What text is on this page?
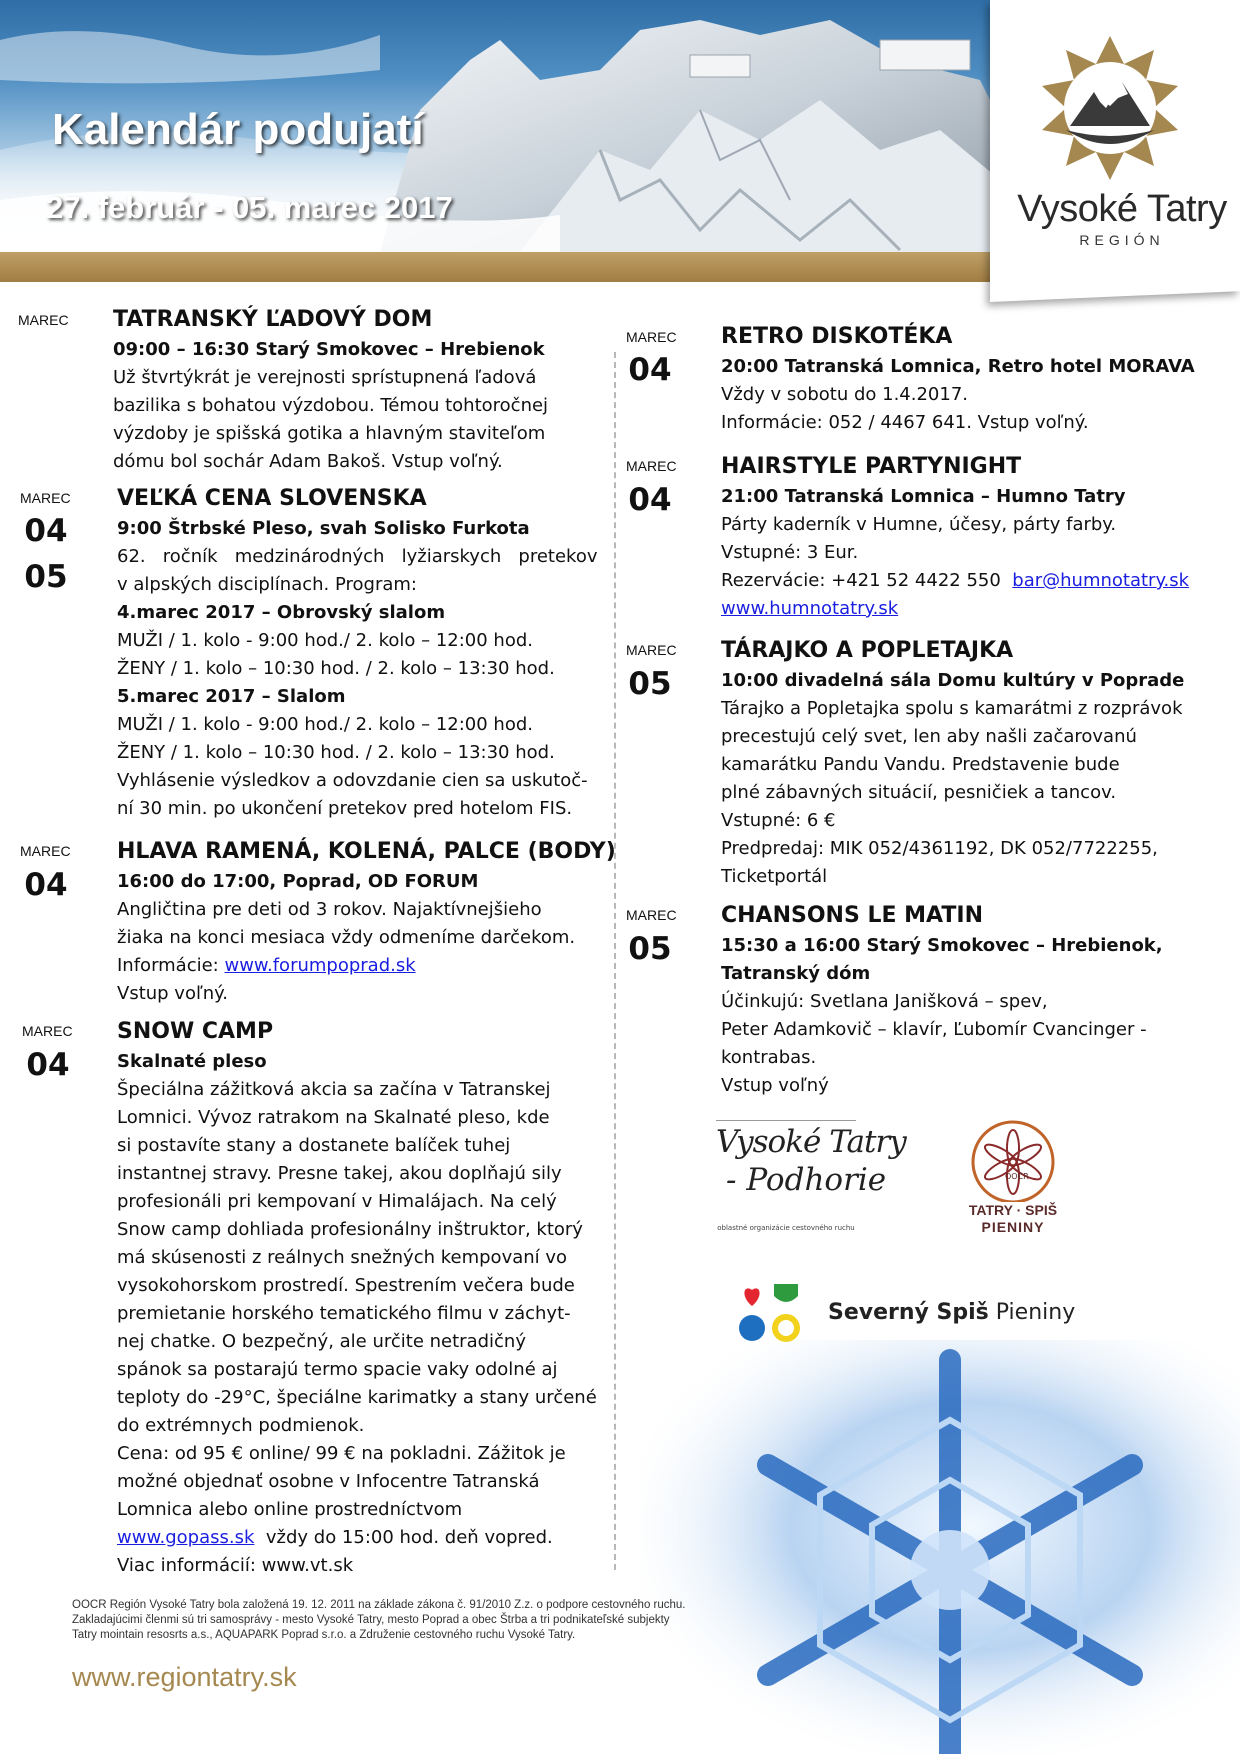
Kalendár podujatí
27. február - 05. marec 2017	Vysoké Tatry
REGIÓN
MAREC TATRANSKÝ ĽADOVÝ DOM
09:00 – 16:30 Starý Smokovec – Hrebienok
Už štvrtýkrát je verejnosti sprístupnená ľadová
bazilika s bohatou výzdobou. Témou tohtoročnej
výzdoby je spišská gotika a hlavným staviteľom
dómu bol sochár Adam Bakoš. Vstup voľný.
MAREC
04
05
VEĽKÁ CENA SLOVENSKA
9:00 Štrbské Pleso, svah Solisko Furkota
62.   ročník   medzinárodných   lyžiarskych   pretekov
v alpských disciplínach. Program:
4.marec 2017 – Obrovský slalom
MUŽI / 1. kolo - 9:00 hod./ 2. kolo – 12:00 hod.
ŽENY / 1. kolo – 10:30 hod. / 2. kolo – 13:30 hod.
5.marec 2017 – Slalom
MUŽI / 1. kolo - 9:00 hod./ 2. kolo – 12:00 hod.
ŽENY / 1. kolo – 10:30 hod. / 2. kolo – 13:30 hod.
Vyhlásenie výsledkov a odovzdanie cien sa uskutoč-
ní 30 min. po ukončení pretekov pred hotelom FIS.
MAREC
04
HLAVA RAMENÁ, KOLENÁ, PALCE (BODY)
16:00 do 17:00, Poprad, OD FORUM
Angličtina pre deti od 3 rokov. Najaktívnejšieho
žiaka na konci mesiaca vždy odmeníme darčekom.
Informácie: www.forumpoprad.sk
Vstup voľný.
MAREC
04
SNOW CAMP
Skalnaté pleso
Špeciálna zážitková akcia sa začína v Tatranskej
Lomnici. Vývoz ratrakom na Skalnaté pleso, kde
si postavíte stany a dostanete balíček tuhej
instantnej stravy. Presne takej, akou doplňajú sily
profesionáli pri kempovaní v Himalájach. Na celý
Snow camp dohliada profesionálny inštruktor, ktorý
má skúsenosti z reálnych snežných kempovaní vo
vysokohorskom prostredí. Spestrením večera bude
premietanie horského tematického filmu v záchyt-
nej chatke. O bezpečný, ale určite netradičný
spánok sa postarajú termo spacie vaky odolné aj
teploty do -29°C, špeciálne karimatky a stany určené
do extrémnych podmienok.
Cena: od 95 € online/ 99 € na pokladni. Zážitok je
možné objednať osobne v Infocentre Tatranská
Lomnica alebo online prostredníctvom
www.gopass.sk  vždy do 15:00 hod. deň vopred.
Viac informácií: www.vt.sk
MAREC
04
RETRO DISKOTÉKA
20:00 Tatranská Lomnica, Retro hotel MORAVA
Vždy v sobotu do 1.4.2017.
Informácie: 052 / 4467 641. Vstup voľný.
MAREC
04
HAIRSTYLE PARTYNIGHT
21:00 Tatranská Lomnica – Humno Tatry
Párty kaderník v Humne, účesy, párty farby.
Vstupné: 3 Eur.
Rezervácie: +421 52 4422 550  bar@humnotatry.sk
www.humnotatry.sk
MAREC
05
TÁRAJKO A POPLETAJKA
10:00 divadelná sála Domu kultúry v Poprade
Tárajko a Popletajka spolu s kamarátmi z rozprávok
precestujú celý svet, len aby našli začarovanú
kamarátku Pandu Vandu. Predstavenie bude
plné zábavných situácií, pesničiek a tancov.
Vstupné: 6 €
Predpredaj: MIK 052/4361192, DK 052/7722255,
Ticketportál
MAREC
05
CHANSONS LE MATIN
15:30 a 16:00 Starý Smokovec – Hrebienok,
Tatranský dóm
Účinkujú: Svetlana Janišková – spev,
Peter Adamkovič – klavír, Ľubomír Cvancinger -
kontrabas.
Vstup voľný
Vysoké Tatry
- Podhorie
oblastné organizácie cestovného ruchu
OOCR
TATRY · SPIŠ
PIENINY
Severný Spiš Pieniny
OOCR Región Vysoké Tatry bola založená 19. 12. 2011 na základe zákona č. 91/2010 Z.z. o podpore cestovného ruchu.
Zakladajúcimi členmi sú tri samosprávy - mesto Vysoké Tatry, mesto Poprad a obec Štrba a tri podnikateľské subjekty
Tatry mointain resosrts a.s., AQUAPARK Poprad s.r.o. a Združenie cestovného ruchu Vysoké Tatry.
www.regiontatry.sk
